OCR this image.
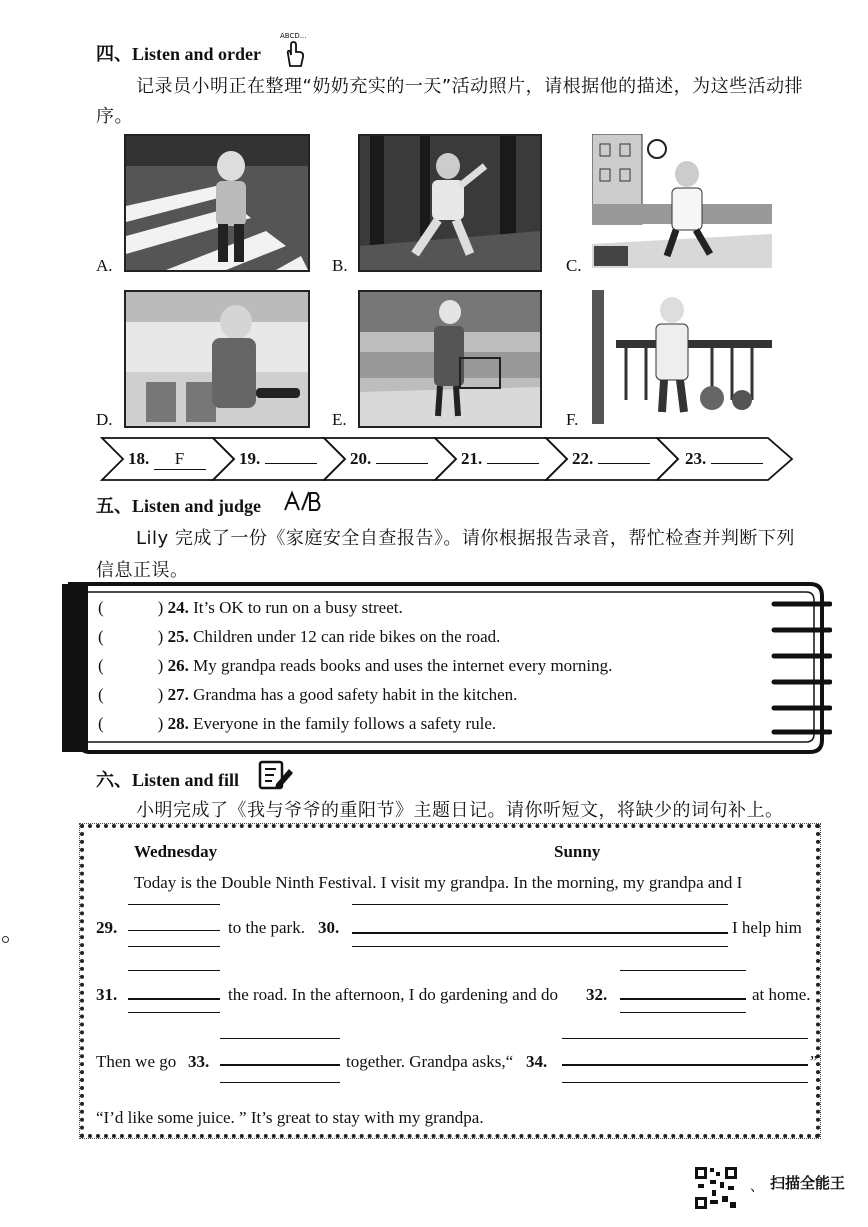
四、Listen and order
ABCD...
记录员小明正在整理“奶奶充实的一天”活动照片，请根据他的描述，为这些活动排
序。
A.	B.	C.
D.	E.	F.
18. F	19.	20.	21.	22.	23.
五、Listen and judge
Lily 完成了一份《家庭安全自查报告》。请你根据报告录音，帮忙检查并判断下列
信息正误。
(	) 24. It’s OK to run on a busy street.
(	) 25. Children under 12 can ride bikes on the road.
(	) 26. My grandpa reads books and uses the internet every morning.
(	) 27. Grandma has a good safety habit in the kitchen.
(	) 28. Everyone in the family follows a safety rule.
六、Listen and fill
小明完成了《我与爷爷的重阳节》主题日记。请你听短文，将缺少的词句补上。
Wednesday	Sunny
Today is the Double Ninth Festival. I visit my grandpa. In the morning, my grandpa and I
29.	to the park. 30.	I help him
31.	the road. In the afternoon, I do gardening and do 32.	at home.
Then we go 33.	together. Grandpa asks,“ 34.	”
“I’d like some juice. ” It’s great to stay with my grandpa.
、 扫描全能王
